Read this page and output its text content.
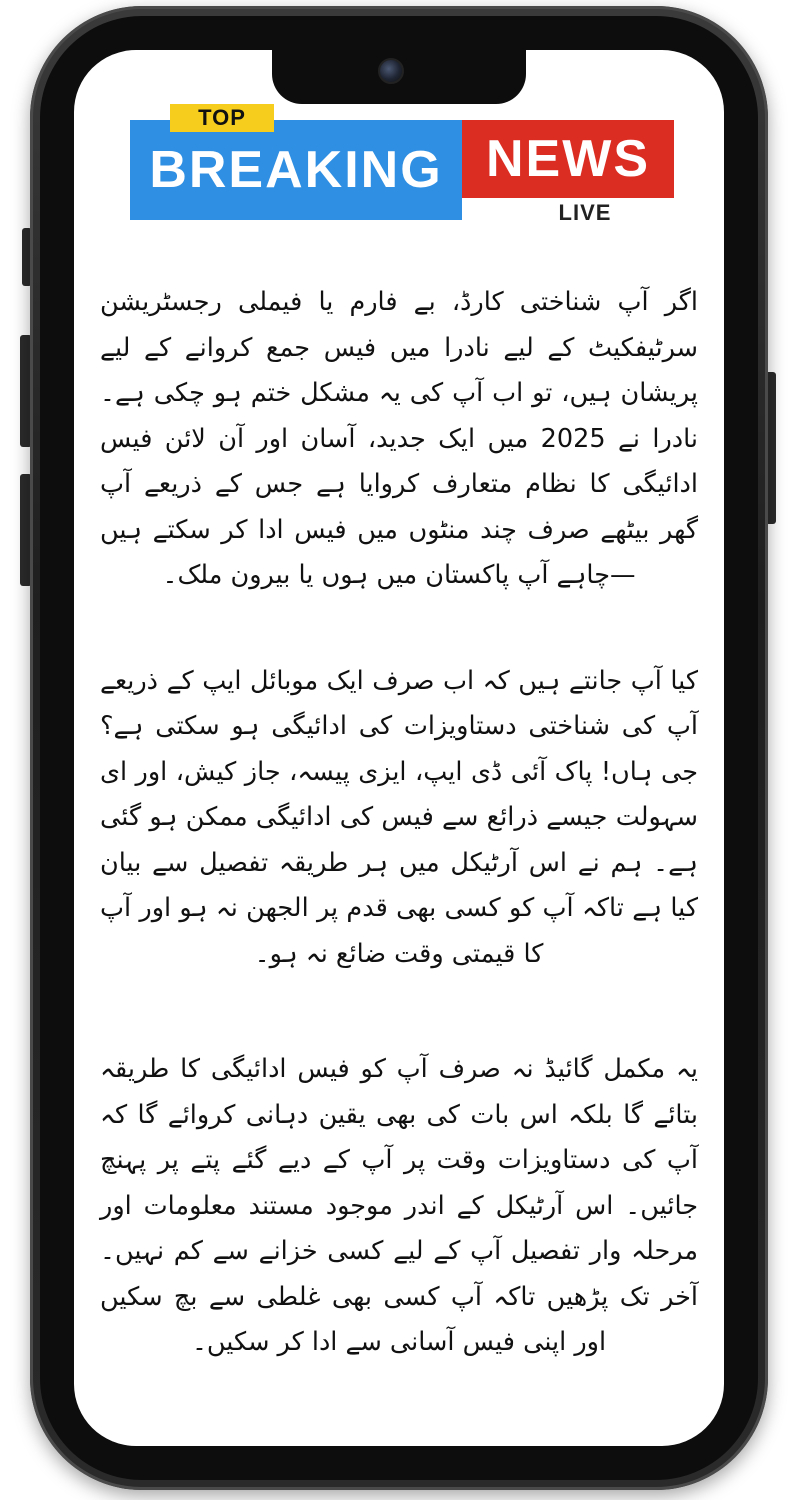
BREAKING NEWS
TOP
LIVE

اگر آپ شناختی کارڈ، بے فارم یا فیملی رجسٹریشن سرٹیفکیٹ کے لیے نادرا میں فیس جمع کروانے کے لیے پریشان ہیں، تو اب آپ کی یہ مشکل ختم ہو چکی ہے۔ نادرا نے 2025 میں ایک جدید، آسان اور آن لائن فیس ادائیگی کا نظام متعارف کروایا ہے جس کے ذریعے آپ گھر بیٹھے صرف چند منٹوں میں فیس ادا کر سکتے ہیں—چاہے آپ پاکستان میں ہوں یا بیرون ملک۔

کیا آپ جانتے ہیں کہ اب صرف ایک موبائل ایپ کے ذریعے آپ کی شناختی دستاویزات کی ادائیگی ہو سکتی ہے؟ جی ہاں! پاک آئی ڈی ایپ، ایزی پیسہ، جاز کیش، اور ای سہولت جیسے ذرائع سے فیس کی ادائیگی ممکن ہو گئی ہے۔ ہم نے اس آرٹیکل میں ہر طریقہ تفصیل سے بیان کیا ہے تاکہ آپ کو کسی بھی قدم پر الجھن نہ ہو اور آپ کا قیمتی وقت ضائع نہ ہو۔

یہ مکمل گائیڈ نہ صرف آپ کو فیس ادائیگی کا طریقہ بتائے گا بلکہ اس بات کی بھی یقین دہانی کروائے گا کہ آپ کی دستاویزات وقت پر آپ کے دیے گئے پتے پر پہنچ جائیں۔ اس آرٹیکل کے اندر موجود مستند معلومات اور مرحلہ وار تفصیل آپ کے لیے کسی خزانے سے کم نہیں۔ آخر تک پڑھیں تاکہ آپ کسی بھی غلطی سے بچ سکیں اور اپنی فیس آسانی سے ادا کر سکیں۔
